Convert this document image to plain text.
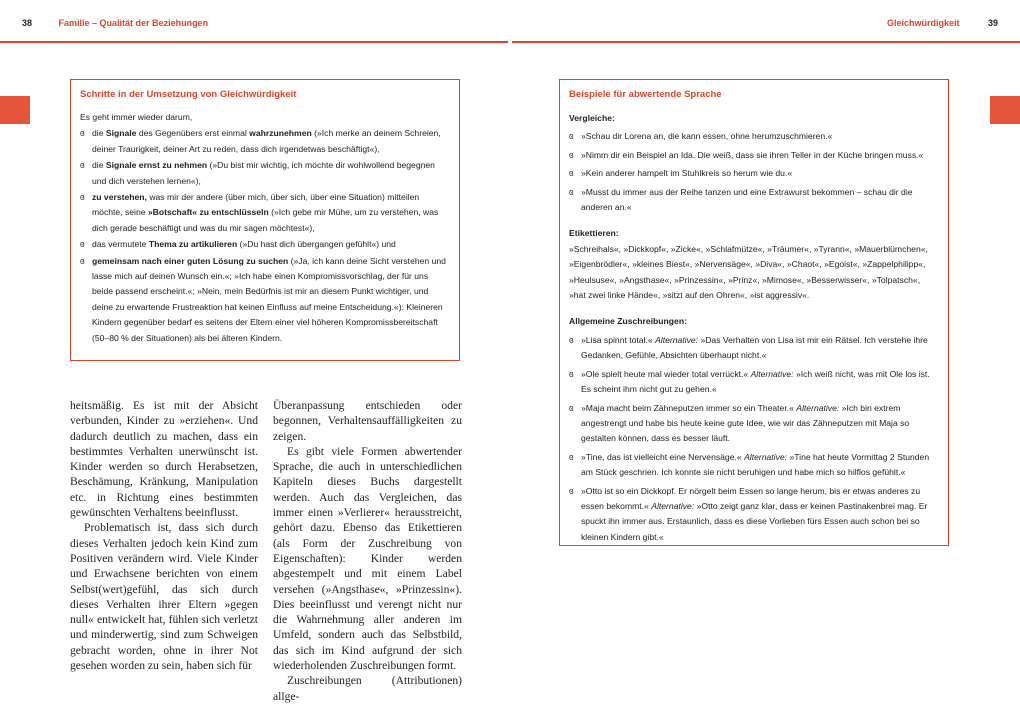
38	Familie – Qualität der Beziehungen	Gleichwürdigkeit	39
Schritte in der Umsetzung von Gleichwürdigkeit
Es geht immer wieder darum,
ɞ die Signale des Gegenübers erst einmal wahrzunehmen (»Ich merke an deinem Schreien, deiner Traurigkeit, deiner Art zu reden, dass dich irgendetwas beschäftigt«),
ɞ die Signale ernst zu nehmen (»Du bist mir wichtig, ich möchte dir wohlwollend begegnen und dich verstehen lernen«),
ɞ zu verstehen, was mir der andere (über mich, über sich, über eine Situation) mitteilen möchte, seine »Botschaft« zu entschlüsseln (»Ich gebe mir Mühe, um zu verstehen, was dich gerade beschäftigt und was du mir sagen möchtest«),
ɞ das vermutete Thema zu artikulieren (»Du hast dich übergangen gefühlt«) und
ɞ gemeinsam nach einer guten Lösung zu suchen (»Ja, ich kann deine Sicht verstehen und lasse mich auf deinen Wunsch ein.«; »Ich habe einen Kompromissvorschlag, der für uns beide passend erscheint.«; »Nein, mein Bedürfnis ist mir an diesem Punkt wichtiger, und deine zu erwartende Frustreaktion hat keinen Einfluss auf meine Entscheidung.«): Kleineren Kindern gegenüber bedarf es seitens der Eltern einer viel höheren Kompromissbereitschaft (50–80 % der Situationen) als bei älteren Kindern.

heitsmäßig. Es ist mit der Absicht verbunden, Kinder zu »erziehen«. Und dadurch deutlich zu machen, dass ein bestimmtes Verhalten unerwünscht ist. Kinder werden so durch Herabsetzen, Beschämung, Kränkung, Manipulation etc. in Richtung eines bestimmten gewünschten Verhaltens beeinflusst.

Problematisch ist, dass sich durch dieses Verhalten jedoch kein Kind zum Positiven verändern wird. Viele Kinder und Erwachsene berichten von einem Selbst(wert)gefühl, das sich durch dieses Verhalten ihrer Eltern »gegen null« entwickelt hat, fühlen sich verletzt und minderwertig, sind zum Schweigen gebracht worden, ohne in ihrer Not gesehen worden zu sein, haben sich für

Überanpassung entschieden oder begonnen, Verhaltensauffälligkeiten zu zeigen.

Es gibt viele Formen abwertender Sprache, die auch in unterschiedlichen Kapiteln dieses Buchs dargestellt werden. Auch das Vergleichen, das immer einen »Verlierer« herausstreicht, gehört dazu. Ebenso das Etikettieren (als Form der Zuschreibung von Eigenschaften): Kinder werden abgestempelt und mit einem Label versehen (»Angsthase«, »Prinzessin«). Dies beeinflusst und verengt nicht nur die Wahrnehmung aller anderen im Umfeld, sondern auch das Selbstbild, das sich im Kind aufgrund der sich wiederholenden Zuschreibungen formt.

Zuschreibungen (Attributionen) allge-

Beispiele für abwertende Sprache
Vergleiche:
ɞ »Schau dir Lorena an, die kann essen, ohne herumzuschmieren.«
ɞ »Nimm dir ein Beispiel an Ida. Die weiß, dass sie ihren Teller in der Küche bringen muss.«
ɞ »Kein anderer hampelt im Stuhlkreis so herum wie du.«
ɞ »Musst du immer aus der Reihe tanzen und eine Extrawurst bekommen – schau dir die anderen an.«
Etikettieren:
»Schreihals«, »Dickkopf«, »Zicke«, »Schlafmütze«, »Träumer«, »Tyrann«, »Mauerblümchen«, »Eigenbrödler«, »kleines Biest«, »Nervensäge«, »Diva«, »Chaot«, »Egoist«, »Zappelphilipp«, »Heulsuse«, »Angsthase«, »Prinzessin«, »Prinz«, »Mimose«, »Besserwisser«, »Tolpatsch«, »hat zwei linke Hände«, »sitzt auf den Ohren«, »ist aggressiv«.
Allgemeine Zuschreibungen:
ɞ »Lisa spinnt total.« Alternative: »Das Verhalten von Lisa ist mir ein Rätsel. Ich verstehe ihre Gedanken, Gefühle, Absichten überhaupt nicht.«
ɞ »Ole spielt heute mal wieder total verrückt.« Alternative: »Ich weiß nicht, was mit Ole los ist. Es scheint ihm nicht gut zu gehen.«
ɞ »Maja macht beim Zähneputzen immer so ein Theater.« Alternative: »Ich bin extrem angestrengt und habe bis heute keine gute Idee, wie wir das Zähneputzen mit Maja so gestalten können, dass es besser läuft.
ɞ »Tine, das ist vielleicht eine Nervensäge.« Alternative: »Tine hat heute Vormittag 2 Stunden am Stück geschrien. Ich konnte sie nicht beruhigen und habe mich so hilflos gefühlt.«
ɞ »Otto ist so ein Dickkopf. Er nörgelt beim Essen so lange herum, bis er etwas anderes zu essen bekommt.« Alternative: »Otto zeigt ganz klar, dass er keinen Pastinakenbrei mag. Er spuckt ihn immer aus. Erstaunlich, dass es diese Vorlieben fürs Essen auch schon bei so kleinen Kindern gibt.«
